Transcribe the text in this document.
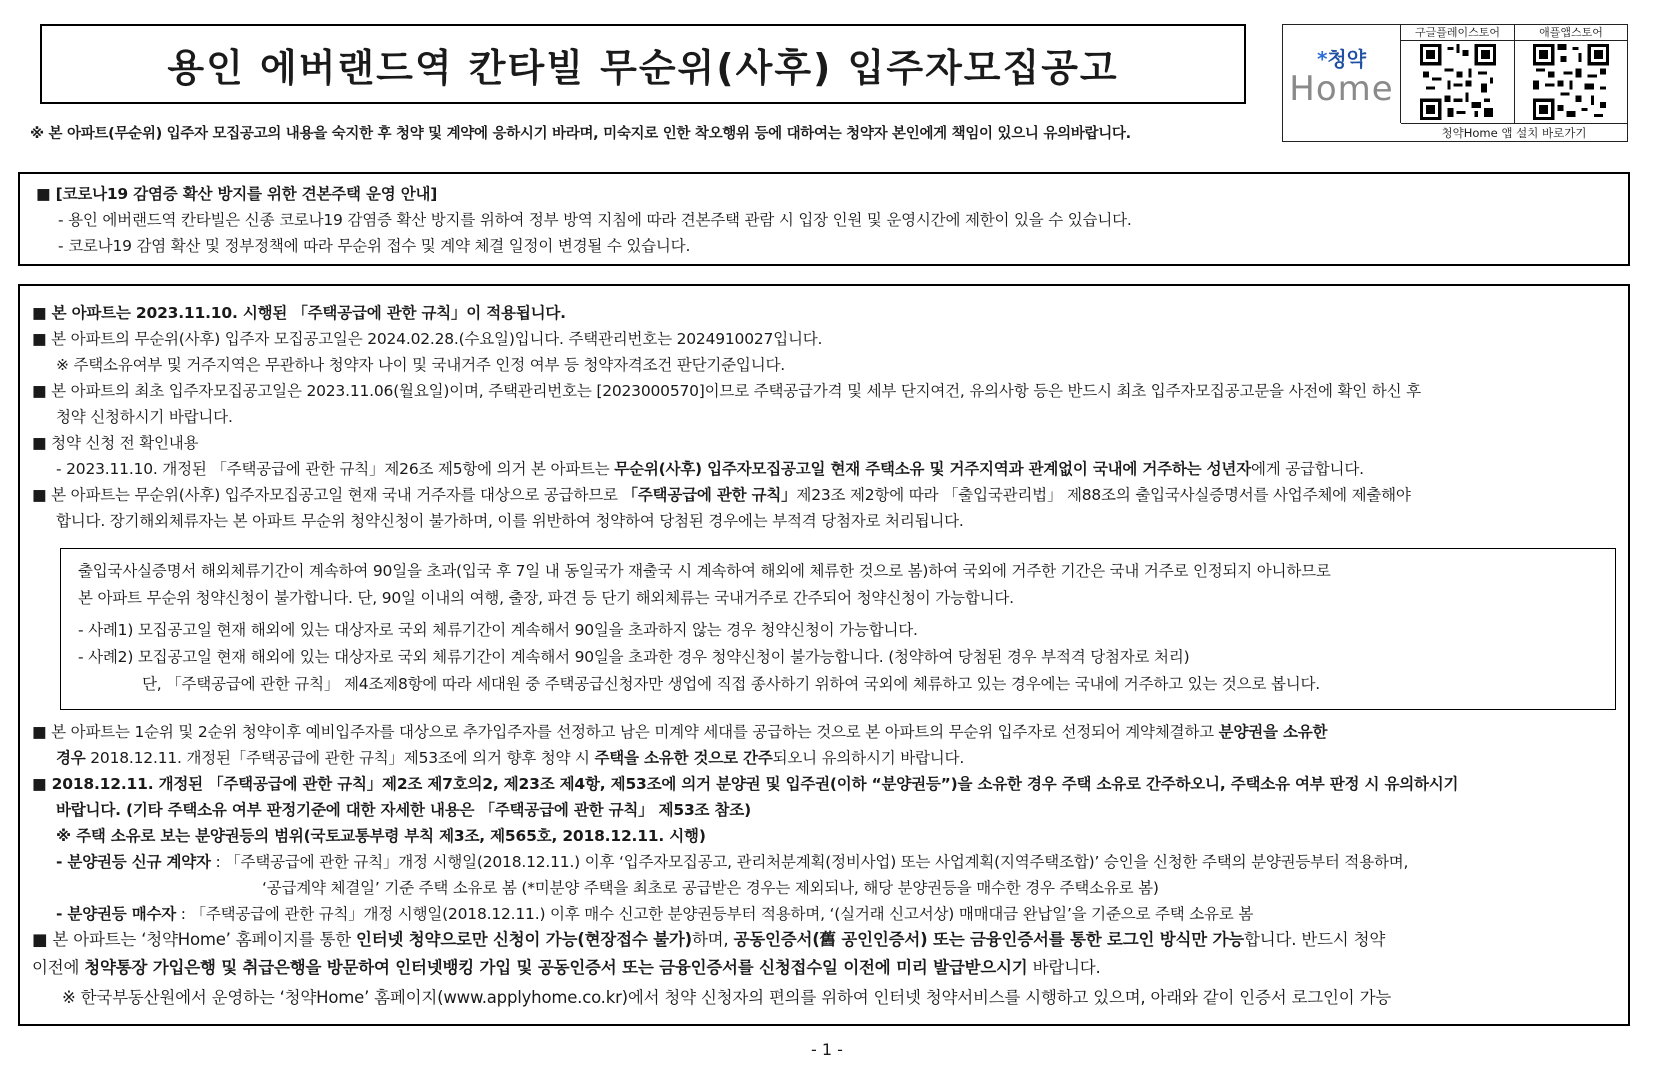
용인 에버랜드역 칸타빌 무순위(사후) 입주자모집공고
※ 본 아파트(무순위) 입주자 모집공고의 내용을 숙지한 후 청약 및 계약에 응하시기 바라며, 미숙지로 인한 착오행위 등에 대하여는 청약자 본인에게 책임이 있으니 유의바랍니다.
*청약
Home
구글플레이스토어	애플앱스토어
청약Home 앱 설치 바로가기
■ [코로나19 감염증 확산 방지를 위한 견본주택 운영 안내]
- 용인 에버랜드역 칸타빌은 신종 코로나19 감염증 확산 방지를 위하여 정부 방역 지침에 따라 견본주택 관람 시 입장 인원 및 운영시간에 제한이 있을 수 있습니다.
- 코로나19 감염 확산 및 정부정책에 따라 무순위 접수 및 계약 체결 일정이 변경될 수 있습니다.
■ 본 아파트는 2023.11.10. 시행된 「주택공급에 관한 규칙」이 적용됩니다.
■ 본 아파트의 무순위(사후) 입주자 모집공고일은 2024.02.28.(수요일)입니다. 주택관리번호는 2024910027입니다.
※ 주택소유여부 및 거주지역은 무관하나 청약자 나이 및 국내거주 인정 여부 등 청약자격조건 판단기준입니다.
■ 본 아파트의 최초 입주자모집공고일은 2023.11.06(월요일)이며, 주택관리번호는 [2023000570]이므로 주택공급가격 및 세부 단지여건, 유의사항 등은 반드시 최초 입주자모집공고문을 사전에 확인 하신 후
청약 신청하시기 바랍니다.
■ 청약 신청 전 확인내용
- 2023.11.10. 개정된 「주택공급에 관한 규칙」제26조 제5항에 의거 본 아파트는 무순위(사후) 입주자모집공고일 현재 주택소유 및 거주지역과 관계없이 국내에 거주하는 성년자에게 공급합니다.
■ 본 아파트는 무순위(사후) 입주자모집공고일 현재 국내 거주자를 대상으로 공급하므로 「주택공급에 관한 규칙」제23조 제2항에 따라 「출입국관리법」 제88조의 출입국사실증명서를 사업주체에 제출해야
합니다. 장기해외체류자는 본 아파트 무순위 청약신청이 불가하며, 이를 위반하여 청약하여 당첨된 경우에는 부적격 당첨자로 처리됩니다.
출입국사실증명서 해외체류기간이 계속하여 90일을 초과(입국 후 7일 내 동일국가 재출국 시 계속하여 해외에 체류한 것으로 봄)하여 국외에 거주한 기간은 국내 거주로 인정되지 아니하므로
본 아파트 무순위 청약신청이 불가합니다. 단, 90일 이내의 여행, 출장, 파견 등 단기 해외체류는 국내거주로 간주되어 청약신청이 가능합니다.
- 사례1) 모집공고일 현재 해외에 있는 대상자로 국외 체류기간이 계속해서 90일을 초과하지 않는 경우 청약신청이 가능합니다.
- 사례2) 모집공고일 현재 해외에 있는 대상자로 국외 체류기간이 계속해서 90일을 초과한 경우 청약신청이 불가능합니다. (청약하여 당첨된 경우 부적격 당첨자로 처리)
단, 「주택공급에 관한 규칙」 제4조제8항에 따라 세대원 중 주택공급신청자만 생업에 직접 종사하기 위하여 국외에 체류하고 있는 경우에는 국내에 거주하고 있는 것으로 봅니다.
■ 본 아파트는 1순위 및 2순위 청약이후 예비입주자를 대상으로 추가입주자를 선정하고 남은 미계약 세대를 공급하는 것으로 본 아파트의 무순위 입주자로 선정되어 계약체결하고 분양권을 소유한
경우 2018.12.11. 개정된「주택공급에 관한 규칙」제53조에 의거 향후 청약 시 주택을 소유한 것으로 간주되오니 유의하시기 바랍니다.
■ 2018.12.11. 개정된 「주택공급에 관한 규칙」제2조 제7호의2, 제23조 제4항, 제53조에 의거 분양권 및 입주권(이하 “분양권등”)을 소유한 경우 주택 소유로 간주하오니, 주택소유 여부 판정 시 유의하시기
바랍니다. (기타 주택소유 여부 판정기준에 대한 자세한 내용은 「주택공급에 관한 규칙」 제53조 참조)
※ 주택 소유로 보는 분양권등의 범위(국토교통부령 부칙 제3조, 제565호, 2018.12.11. 시행)
- 분양권등 신규 계약자 : 「주택공급에 관한 규칙」개정 시행일(2018.12.11.) 이후 ‘입주자모집공고, 관리처분계획(정비사업) 또는 사업계획(지역주택조합)’ 승인을 신청한 주택의 분양권등부터 적용하며,
‘공급계약 체결일’ 기준 주택 소유로 봄 (*미분양 주택을 최초로 공급받은 경우는 제외되나, 해당 분양권등을 매수한 경우 주택소유로 봄)
- 분양권등 매수자 : 「주택공급에 관한 규칙」개정 시행일(2018.12.11.) 이후 매수 신고한 분양권등부터 적용하며, ‘(실거래 신고서상) 매매대금 완납일’을 기준으로 주택 소유로 봄
■ 본 아파트는 ‘청약Home’ 홈페이지를 통한 인터넷 청약으로만 신청이 가능(현장접수 불가)하며, 공동인증서(舊 공인인증서) 또는 금융인증서를 통한 로그인 방식만 가능합니다. 반드시 청약
이전에 청약통장 가입은행 및 취급은행을 방문하여 인터넷뱅킹 가입 및 공동인증서 또는 금융인증서를 신청접수일 이전에 미리 발급받으시기 바랍니다.
※ 한국부동산원에서 운영하는 ‘청약Home’ 홈페이지(www.applyhome.co.kr)에서 청약 신청자의 편의를 위하여 인터넷 청약서비스를 시행하고 있으며, 아래와 같이 인증서 로그인이 가능
- 1 -
